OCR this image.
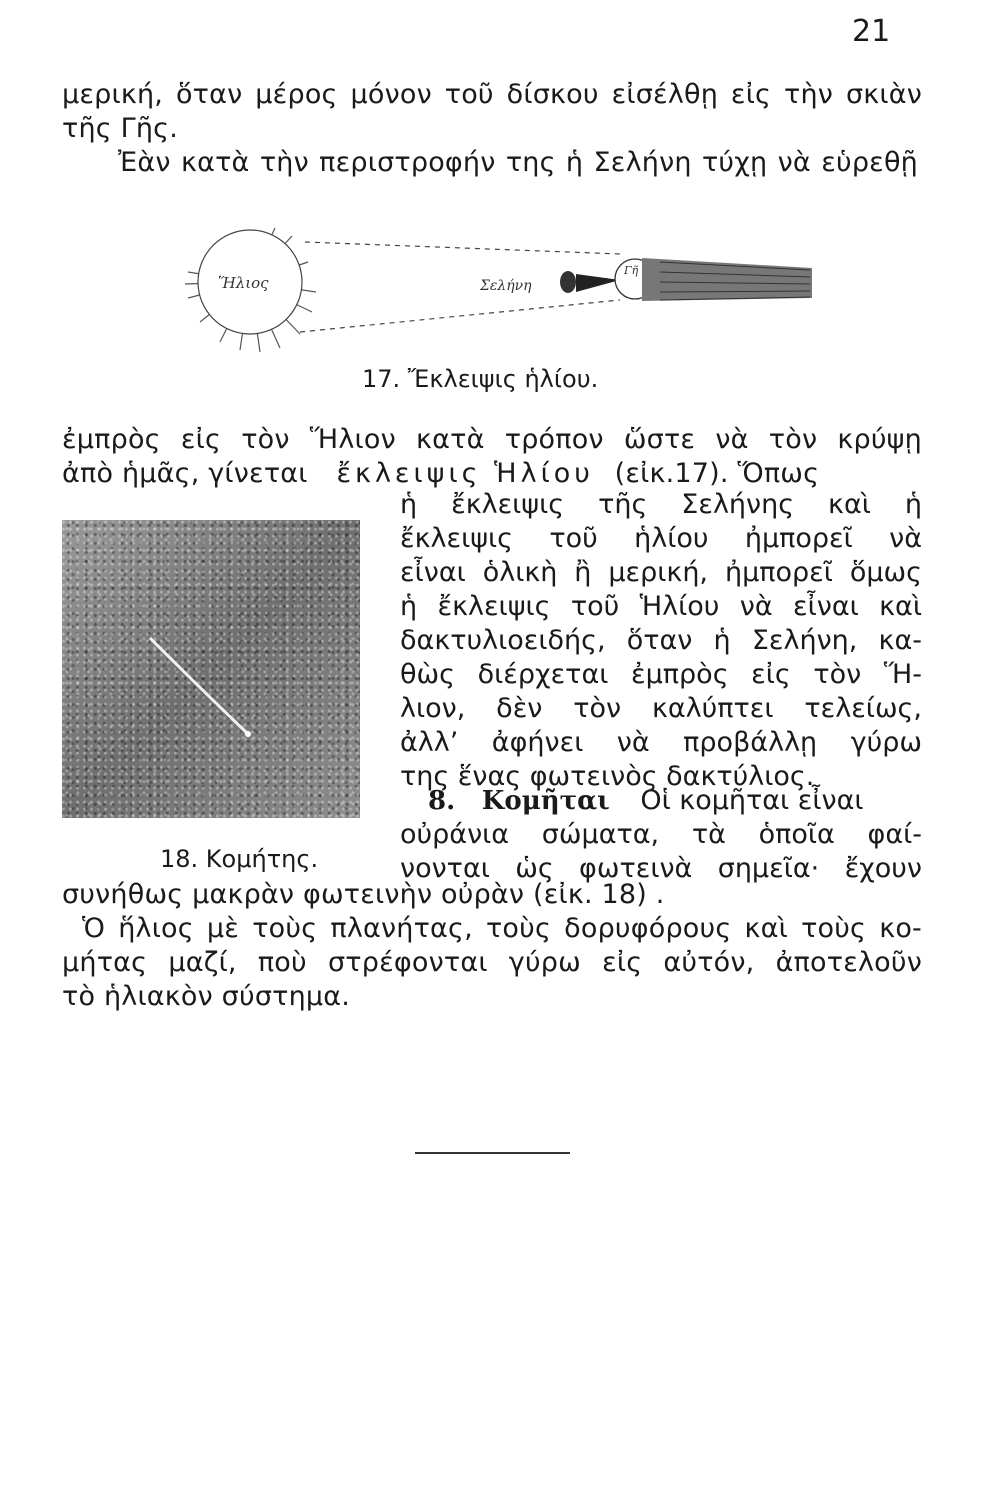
21
μερική, ὅταν μέρος μόνον τοῦ δίσκου εἰσέλθῃ εἰς τὴν σκιὰν
τῆς Γῆς.
Ἐὰν κατὰ τὴν περιστροφήν της ἡ Σελήνη τύχῃ νὰ εὑρεθῇ
Ἥλιος	Σελήνη
Γῆ
17. Ἔκλειψις ἡλίου.
ἐμπρὸς εἰς τὸν Ἥλιον κατὰ τρόπον ὥστε νὰ τὸν κρύψῃ
ἀπὸ ἡμᾶς, γίνεται ἔκλειψις Ἡλίου (εἰκ.17). Ὅπως
18. Κομήτης.
ἡ ἔκλειψις τῆς Σελήνης καὶ ἡ
ἔκλειψις τοῦ ἡλίου ἠμπορεῖ νὰ
εἶναι ὁλικὴ ἢ μερική, ἠμπορεῖ ὅμως
ἡ ἔκλειψις τοῦ Ἡλίου νὰ εἶναι καὶ
δακτυλιοειδής, ὅταν ἡ Σελήνη, κα-
θὼς διέρχεται ἐμπρὸς εἰς τὸν Ἥ-
λιον, δὲν τὸν καλύπτει τελείως,
ἀλλ’ ἀφήνει νὰ προβάλλῃ γύρω
της ἕνας φωτεινὸς δακτύλιος.
8. Κομῆται Οἱ κομῆται εἶναι
οὐράνια σώματα, τὰ ὁποῖα φαί-
νονται ὡς φωτεινὰ σημεῖα· ἔχουν
συνήθως μακρὰν φωτεινὴν οὐρὰν (εἰκ. 18) .
Ὁ ἥλιος μὲ τοὺς πλανήτας, τοὺς δορυφόρους καὶ τοὺς κο-
μήτας μαζί, ποὺ στρέφονται γύρω εἰς αὐτόν, ἀποτελοῦν
τὸ ἡλιακὸν σύστημα.
